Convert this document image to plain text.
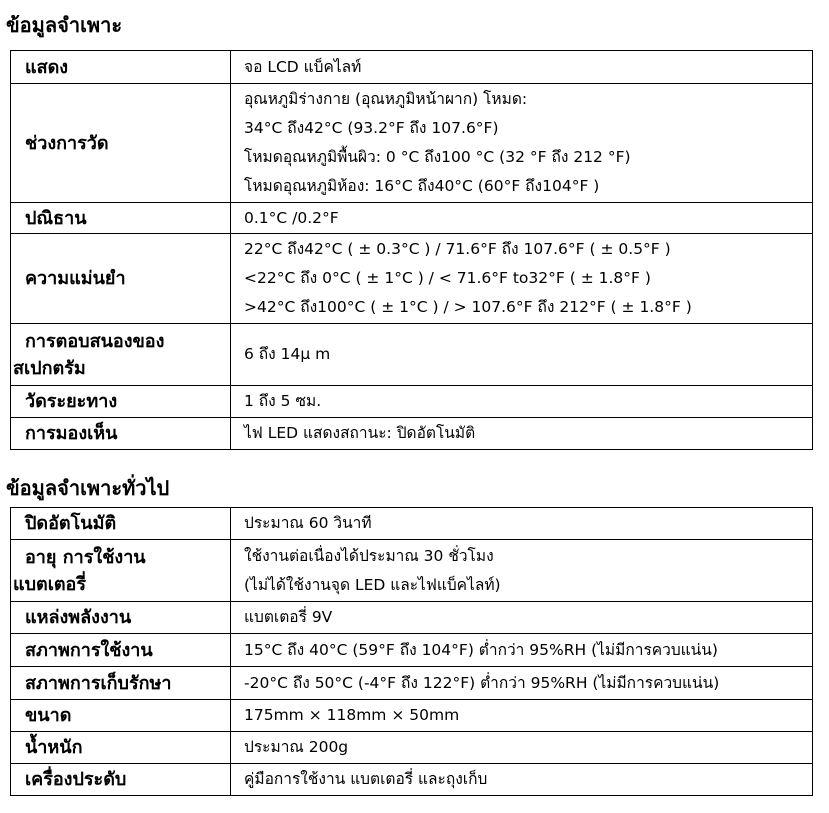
ข้อมูลจำเพาะ
แสดง	จอ LCD แบ็คไลท์

ช่วงการวัด	อุณหภูมิร่างกาย (อุณหภูมิหน้าผาก) โหมด:
34°C ถึง42°C (93.2°F ถึง 107.6°F)
โหมดอุณหภูมิพื้นผิว: 0 °C ถึง100 °C (32 °F ถึง 212 °F)
โหมดอุณหภูมิห้อง: 16°C ถึง40°C (60°F ถึง104°F )

ปณิธาน	0.1°C /0.2°F

ความแม่นยำ	22°C ถึง42°C ( ± 0.3°C ) / 71.6°F ถึง 107.6°F ( ± 0.5°F )
<22°C ถึง 0°C ( ± 1°C ) / < 71.6°F to32°F ( ± 1.8°F )
>42°C ถึง100°C ( ± 1°C ) / > 107.6°F ถึง 212°F ( ± 1.8°F )

การตอบสนองของ
สเปกตรัม	6 ถึง 14μ m

วัดระยะทาง	1 ถึง 5 ซม.

การมองเห็น	ไฟ LED แสดงสถานะ: ปิดอัตโนมัติ
ข้อมูลจำเพาะทั่วไป
ปิดอัตโนมัติ	ประมาณ 60 วินาที

อายุ การใช้งาน
แบตเตอรี่	ใช้งานต่อเนื่องได้ประมาณ 30 ชั่วโมง
(ไม่ได้ใช้งานจุด LED และไฟแบ็คไลท์)

แหล่งพลังงาน	แบตเตอรี่ 9V

สภาพการใช้งาน	15°C ถึง 40°C (59°F ถึง 104°F) ต่ำกว่า 95%RH (ไม่มีการควบแน่น)

สภาพการเก็บรักษา	-20°C ถึง 50°C (-4°F ถึง 122°F) ต่ำกว่า 95%RH (ไม่มีการควบแน่น)

ขนาด	175mm × 118mm × 50mm

น้ำหนัก	ประมาณ 200g

เครื่องประดับ	คู่มือการใช้งาน แบตเตอรี่ และถุงเก็บ
